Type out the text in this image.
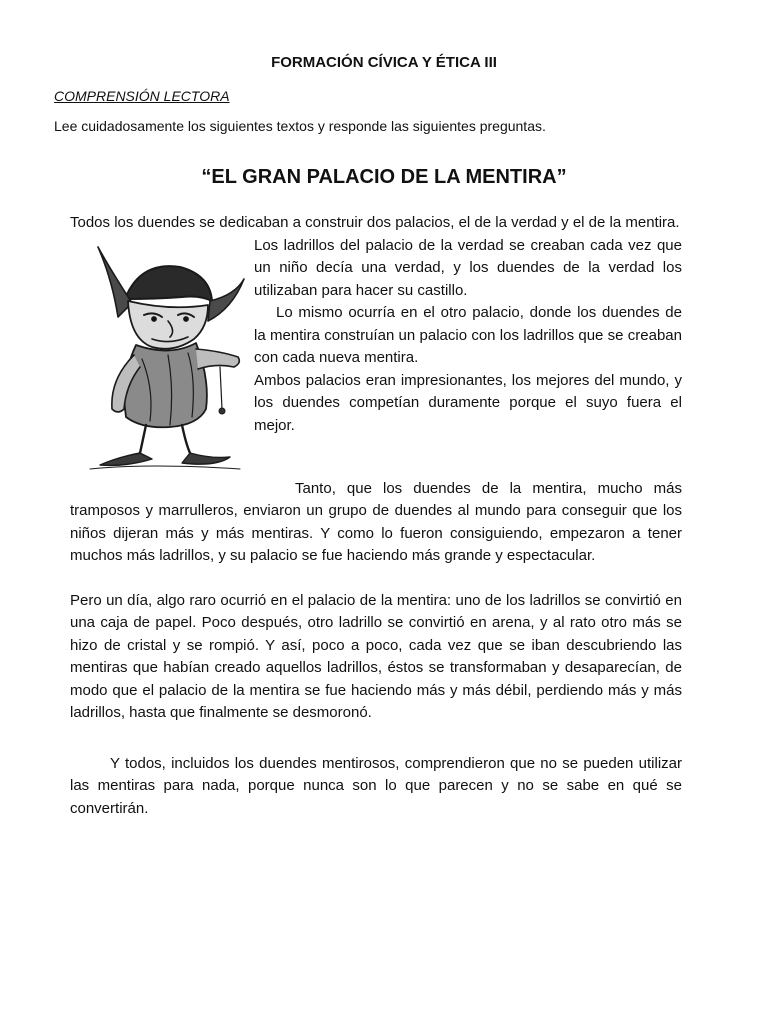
FORMACIÓN CÍVICA Y ÉTICA III

COMPRENSIÓN LECTORA

Lee cuidadosamente los siguientes textos y responde las siguientes preguntas.

“EL GRAN PALACIO DE LA MENTIRA”

Todos los duendes se dedicaban a construir dos palacios, el de la verdad y el de la mentira.

Los ladrillos del palacio de la verdad se creaban cada vez que un niño decía una verdad, y los duendes de la verdad los utilizaban para hacer su castillo.

Lo mismo ocurría en el otro palacio, donde los duendes de la mentira construían un palacio con los ladrillos que se creaban con cada nueva mentira.

Ambos palacios eran impresionantes, los mejores del mundo, y los duendes competían duramente porque el suyo fuera el mejor.

Tanto, que los duendes de la mentira, mucho más tramposos y marrulleros, enviaron un grupo de duendes al mundo para conseguir que los niños dijeran más y más mentiras. Y como lo fueron consiguiendo, empezaron a tener muchos más ladrillos, y su palacio se fue haciendo más grande y espectacular.

Pero un día, algo raro ocurrió en el palacio de la mentira: uno de los ladrillos se convirtió en una caja de papel. Poco después, otro ladrillo se convirtió en arena, y al rato otro más se hizo de cristal y se rompió. Y así, poco a poco, cada vez que se iban descubriendo las mentiras que habían creado aquellos ladrillos, éstos se transformaban y desaparecían, de modo que el palacio de la mentira se fue haciendo más y más débil, perdiendo más y más ladrillos, hasta que finalmente se desmoronó.

Y todos, incluidos los duendes mentirosos, comprendieron que no se pueden utilizar las mentiras para nada, porque nunca son lo que parecen y no se sabe en qué se convertirán.
